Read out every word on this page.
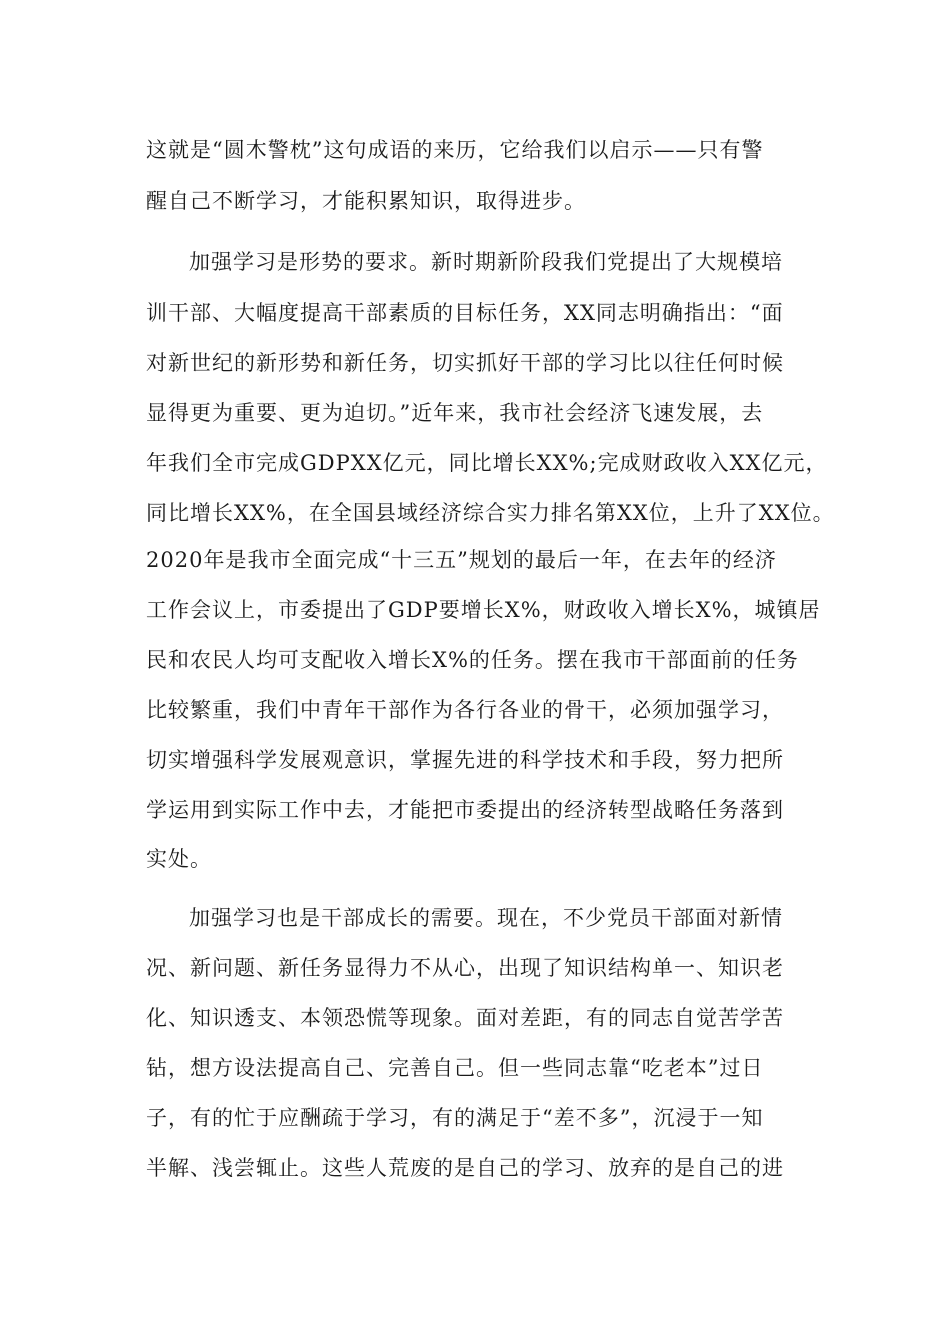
这就是“圆木警枕”这句成语的来历，它给我们以启示——只有警
醒自己不断学习，才能积累知识，取得进步。
加强学习是形势的要求。新时期新阶段我们党提出了大规模培
训干部、大幅度提高干部素质的目标任务，XX同志明确指出：“面
对新世纪的新形势和新任务，切实抓好干部的学习比以往任何时候
显得更为重要、更为迫切。”近年来，我市社会经济飞速发展，去
年我们全市完成GDPXX亿元，同比增长XX%;完成财政收入XX亿元，
同比增长XX%，在全国县域经济综合实力排名第XX位，上升了XX位。
2020年是我市全面完成“十三五”规划的最后一年，在去年的经济
工作会议上，市委提出了GDP要增长X%，财政收入增长X%，城镇居
民和农民人均可支配收入增长X%的任务。摆在我市干部面前的任务
比较繁重，我们中青年干部作为各行各业的骨干，必须加强学习，
切实增强科学发展观意识，掌握先进的科学技术和手段，努力把所
学运用到实际工作中去，才能把市委提出的经济转型战略任务落到
实处。
加强学习也是干部成长的需要。现在，不少党员干部面对新情
况、新问题、新任务显得力不从心，出现了知识结构单一、知识老
化、知识透支、本领恐慌等现象。面对差距，有的同志自觉苦学苦
钻，想方设法提高自己、完善自己。但一些同志靠“吃老本”过日
子，有的忙于应酬疏于学习，有的满足于“差不多”，沉浸于一知
半解、浅尝辄止。这些人荒废的是自己的学习、放弃的是自己的进
